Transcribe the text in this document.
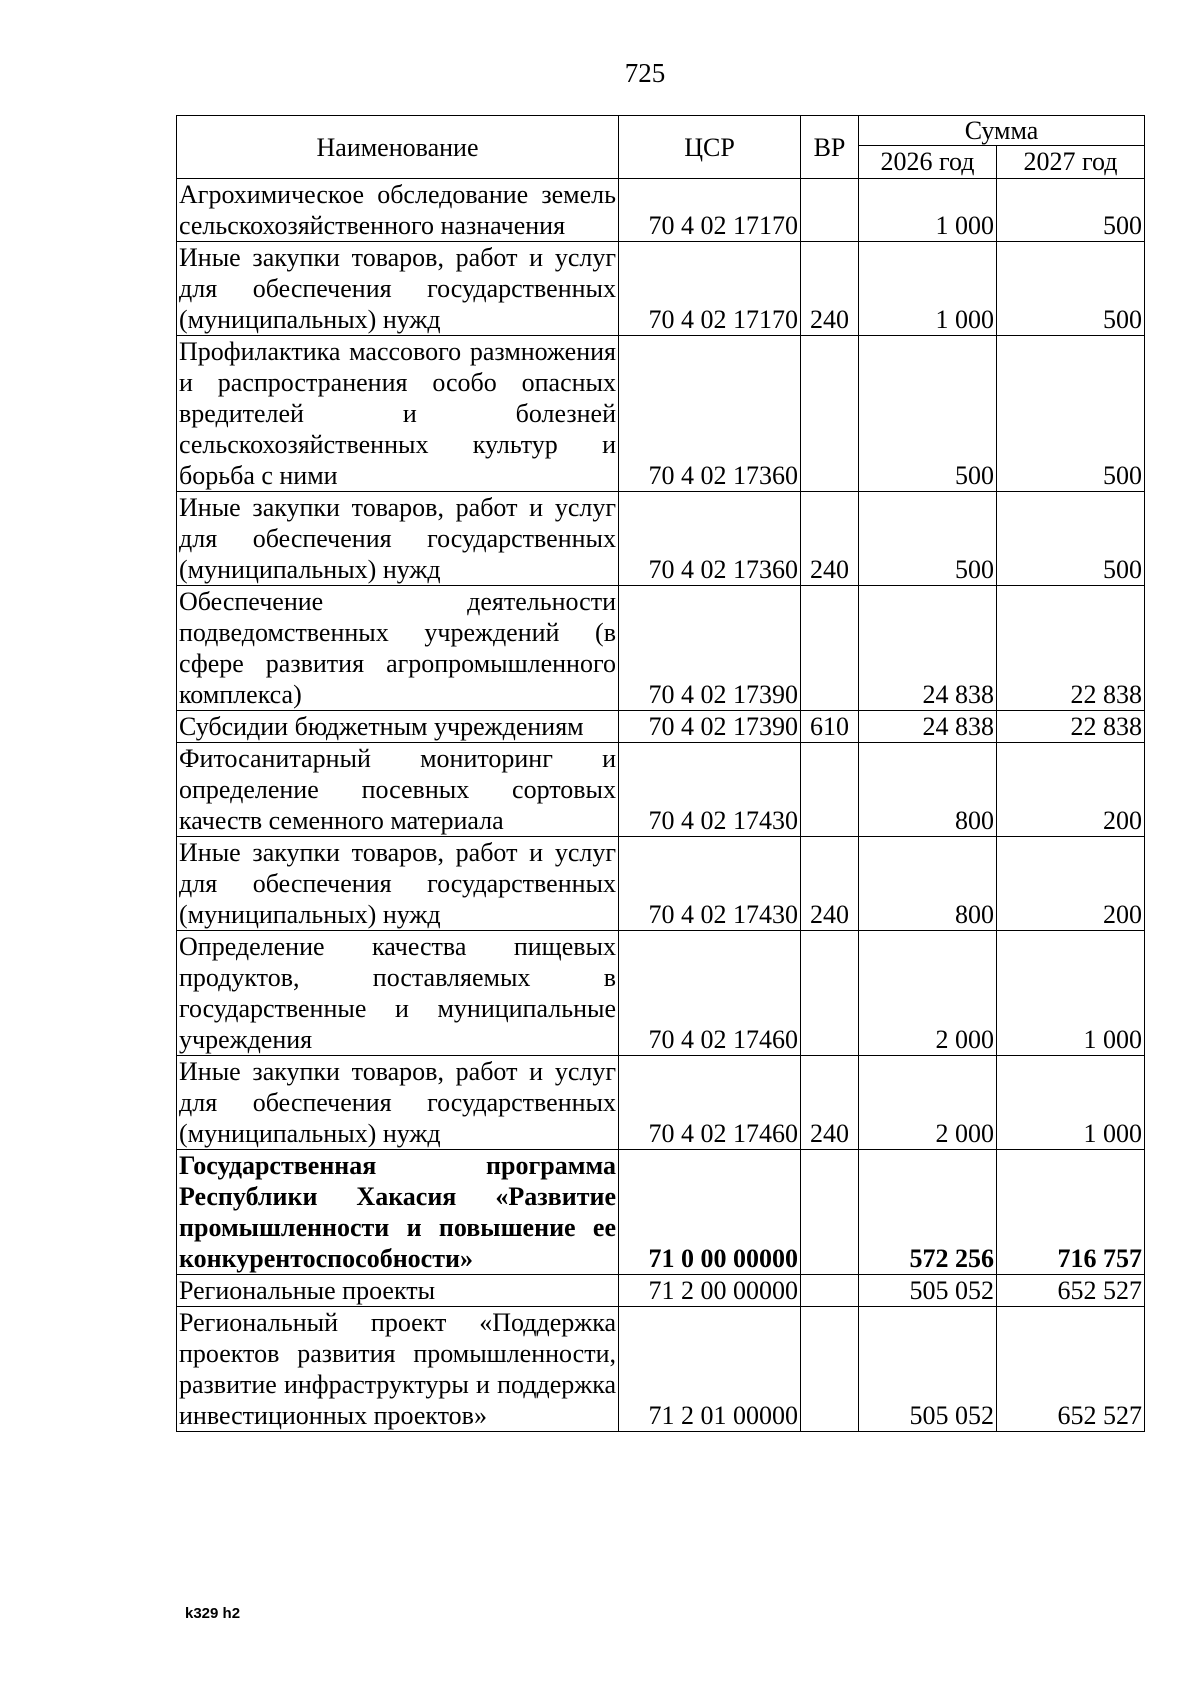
725
Наименование	ЦСР	ВР	Сумма	
			2026 год	2027 год
Агрохимическое обследование земель сельскохозяйственного назначения	70 4 02 17170		1 000	500
Иные закупки товаров, работ и услуг для обеспечения государственных (муниципальных) нужд	70 4 02 17170	240	1 000	500
Профилактика массового размножения и распространения особо опасных вредителей и болезней сельскохозяйственных культур и борьба с ними	70 4 02 17360		500	500
Иные закупки товаров, работ и услуг для обеспечения государственных (муниципальных) нужд	70 4 02 17360	240	500	500
Обеспечение деятельности подведомственных учреждений (в сфере развития агропромышленного комплекса)	70 4 02 17390		24 838	22 838
Субсидии бюджетным учреждениям	70 4 02 17390	610	24 838	22 838
Фитосанитарный мониторинг и определение посевных сортовых качеств семенного материала	70 4 02 17430		800	200
Иные закупки товаров, работ и услуг для обеспечения государственных (муниципальных) нужд	70 4 02 17430	240	800	200
Определение качества пищевых продуктов, поставляемых в государственные и муниципальные учреждения	70 4 02 17460		2 000	1 000
Иные закупки товаров, работ и услуг для обеспечения государственных (муниципальных) нужд	70 4 02 17460	240	2 000	1 000
Государственная программа Республики Хакасия «Развитие промышленности и повышение ее конкурентоспособности»	71 0 00 00000		572 256	716 757
Региональные проекты	71 2 00 00000		505 052	652 527
Региональный проект «Поддержка проектов развития промышленности, развитие инфраструктуры и поддержка инвестиционных проектов»	71 2 01 00000		505 052	652 527
k329 h2
